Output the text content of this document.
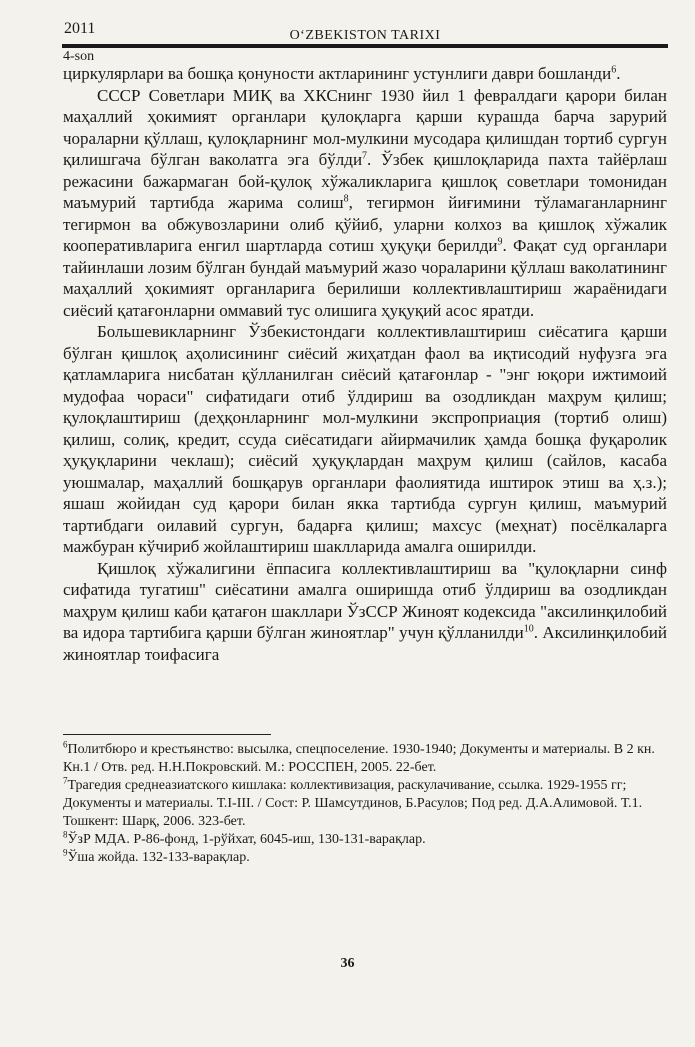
2011	O‘ZBEKISTON TARIXI
4-son

циркулярлари ва бошқа қонуности актларининг устунлиги даври бошланди$^6$.

СССР Советлари МИҚ ва ХКСнинг 1930 йил 1 февралдаги қарори билан маҳаллий ҳокимият органлари қулоқларга қарши курашда барча зарурий чораларни қўллаш, қулоқларнинг мол-мулкини мусодара қилишдан тортиб сургун қилишгача бўлган ваколатга эга бўлди$^7$. Ўзбек қишлоқларида пахта тайёрлаш режасини бажармаган бой-қулоқ хўжаликларига қишлоқ советлари томонидан маъмурий тартибда жарима солиш$^8$, тегирмон йиғимини тўламаганларнинг тегирмон ва обжувозларини олиб қўйиб, уларни колхоз ва қишлоқ хўжалик кооперативларига енгил шартларда сотиш ҳуқуқи берилди$^9$. Фақат суд органлари тайинлаши лозим бўлган бундай маъмурий жазо чораларини қўллаш ваколатининг маҳаллий ҳокимият органларига берилиши коллективлаштириш жараёнидаги сиёсий қатағонларни оммавий тус олишига ҳуқуқий асос яратди.

Большевикларнинг Ўзбекистондаги коллективлаштириш сиёсатига қарши бўлган қишлоқ аҳолисининг сиёсий жиҳатдан фаол ва иқтисодий нуфузга эга қатламларига нисбатан қўлланилган сиёсий қатағонлар - "энг юқори ижтимоий мудофаа чораси" сифатидаги отиб ўлдириш ва озодликдан маҳрум қилиш; қулоқлаштириш (деҳқонларнинг мол-мулкини экспроприация (тортиб олиш) қилиш, солиқ, кредит, ссуда сиёсатидаги айирмачилик ҳамда бошқа фуқаролик ҳуқуқларини чеклаш); сиёсий ҳуқуқлардан маҳрум қилиш (сайлов, касаба уюшмалар, маҳаллий бошқарув органлари фаолиятида иштирок этиш ва ҳ.з.); яшаш жойидан суд қарори билан якка тартибда сургун қилиш, маъмурий тартибдаги оилавий сургун, бадарға қилиш; махсус (меҳнат) посёлкаларга мажбуран кўчириб жойлаштириш шаклларида амалга оширилди.

Қишлоқ хўжалигини ёппасига коллективлаштириш ва "қулоқларни синф сифатида тугатиш" сиёсатини амалга оширишда отиб ўлдириш ва озодликдан маҳрум қилиш каби қатағон шакллари ЎзССР Жиноят кодексида "аксилинқилобий ва идора тартибига қарши бўлган жиноятлар" учун қўлланилди$^{10}$. Аксилинқилобий жиноятлар тоифасига

$^6$Политбюро и крестьянство: высылка, спецпоселение. 1930-1940; Документы и материалы. В 2 кн. Кн.1 / Отв. ред. Н.Н.Покровский. М.: РОССПЕН, 2005. 22-бет.

$^7$Трагедия среднеазиатского кишлака: коллективизация, раскулачивание, ссылка. 1929-1955 гг; Документы и материалы. Т.І-ІІІ. / Сост: Р. Шамсутдинов, Б.Расулов; Под ред. Д.А.Алимовой. Т.1. Тошкент: Шарқ, 2006. 323-бет.

$^8$ЎзР МДА. Р-86-фонд, 1-рўйхат, 6045-иш, 130-131-варақлар.

$^9$Ўша жойда. 132-133-варақлар.

36
